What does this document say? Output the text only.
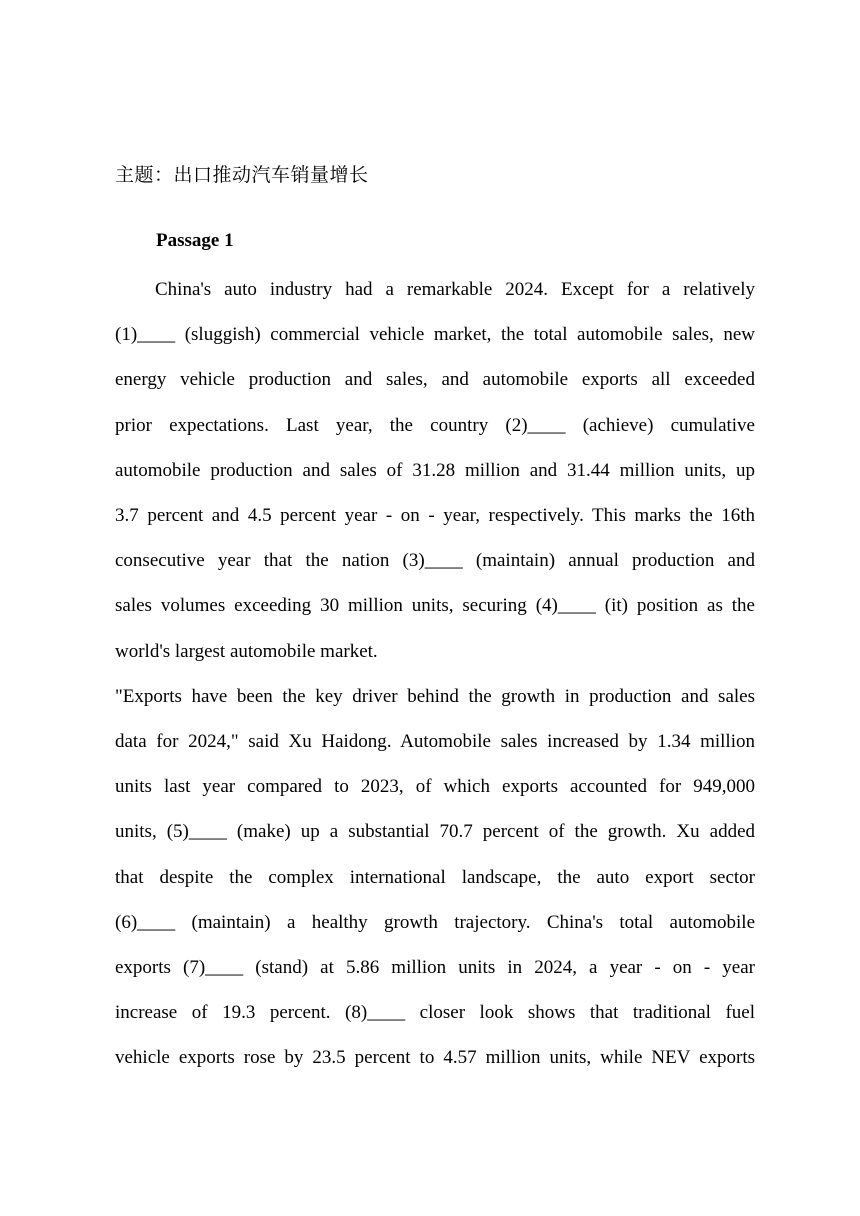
主题：出口推动汽车销量增长
Passage 1
China's auto industry had a remarkable 2024. Except for a relatively
(1)____ (sluggish) commercial vehicle market, the total automobile sales, new
energy vehicle production and sales, and automobile exports all exceeded
prior expectations. Last year, the country (2)____ (achieve) cumulative
automobile production and sales of 31.28 million and 31.44 million units, up
3.7 percent and 4.5 percent year - on - year, respectively. This marks the 16th
consecutive year that the nation (3)____ (maintain) annual production and
sales volumes exceeding 30 million units, securing (4)____ (it) position as the
world's largest automobile market.
"Exports have been the key driver behind the growth in production and sales
data for 2024," said Xu Haidong. Automobile sales increased by 1.34 million
units last year compared to 2023, of which exports accounted for 949,000
units, (5)____ (make) up a substantial 70.7 percent of the growth. Xu added
that despite the complex international landscape, the auto export sector
(6)____ (maintain) a healthy growth trajectory. China's total automobile
exports (7)____ (stand) at 5.86 million units in 2024, a year - on - year
increase of 19.3 percent. (8)____ closer look shows that traditional fuel
vehicle exports rose by 23.5 percent to 4.57 million units, while NEV exports
